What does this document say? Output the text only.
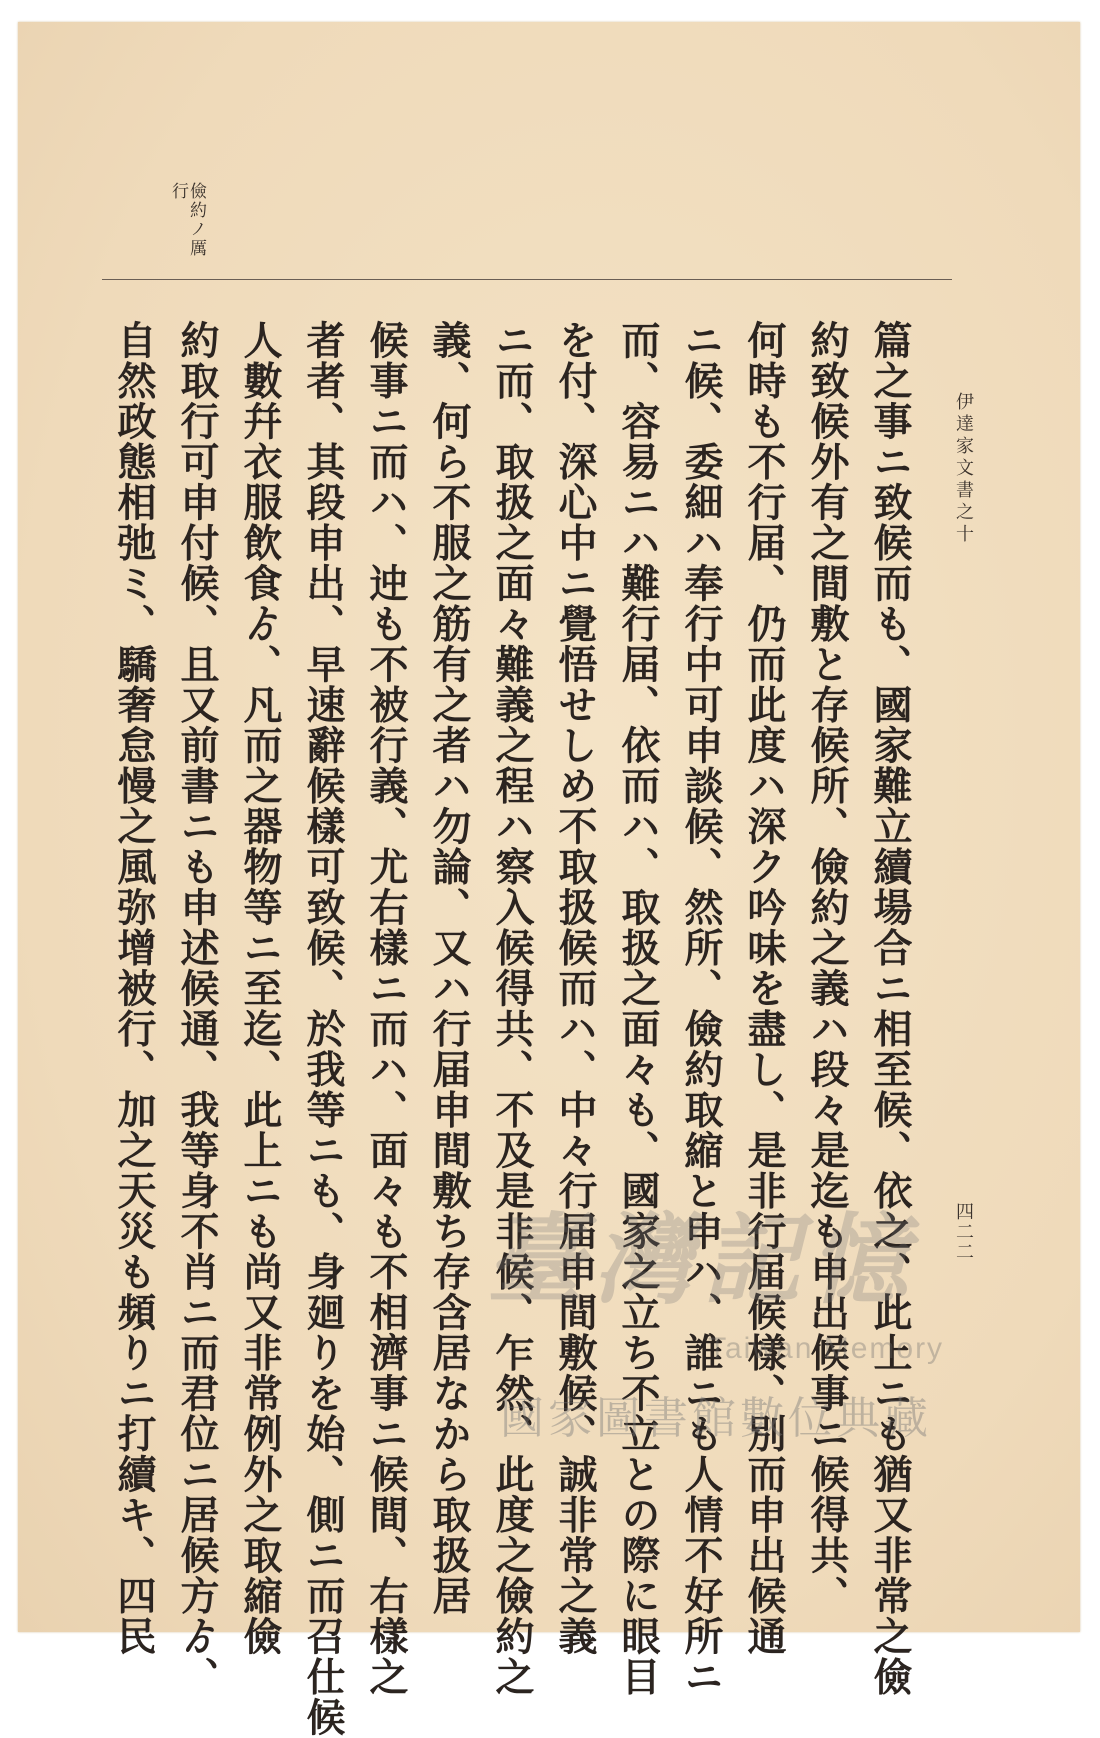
伊達家文書之十
四二二
儉約ノ厲
行
篇之事ニ致候而も、國家難立續場合ニ相至候、依之、此上ニも猶又非常之儉
約致候外有之間敷と存候所、儉約之義ハ段々是迄も申出候事ニ候得共、
何時も不行届、仍而此度ハ深ク吟味を盡し、是非行届候樣、別而申出候通
ニ候、委細ハ奉行中可申談候、然所、儉約取縮と申ハ、誰ニも人情不好所ニ
而、容易ニハ難行届、依而ハ、取扱之面々も、國家之立ち不立との際に眼目
を付、深心中ニ覺悟せしめ不取扱候而ハ、中々行届申間敷候、誠非常之義
ニ而、取扱之面々難義之程ハ察入候得共、不及是非候、乍然、此度之儉約之
義、何ら不服之筋有之者ハ勿論、又ハ行届申間敷ち存含居なから取扱居
候事ニ而ハ、迚も不被行義、尤右樣ニ而ハ、面々も不相濟事ニ候間、右樣之
者者、其段申出、早速辭候樣可致候、於我等ニも、身廻りを始、側ニ而召仕候
人數幷衣服飲食ゟ、凡而之器物等ニ至迄、此上ニも尚又非常例外之取縮儉
約取行可申付候、且又前書ニも申述候通、我等身不肖ニ而君位ニ居候方ゟ、
自然政態相弛ミ、驕奢怠慢之風弥增被行、加之天災も頻りニ打續キ、四民	臺灣記憶
Taiwan Memory
國家圖書館數位典藏
